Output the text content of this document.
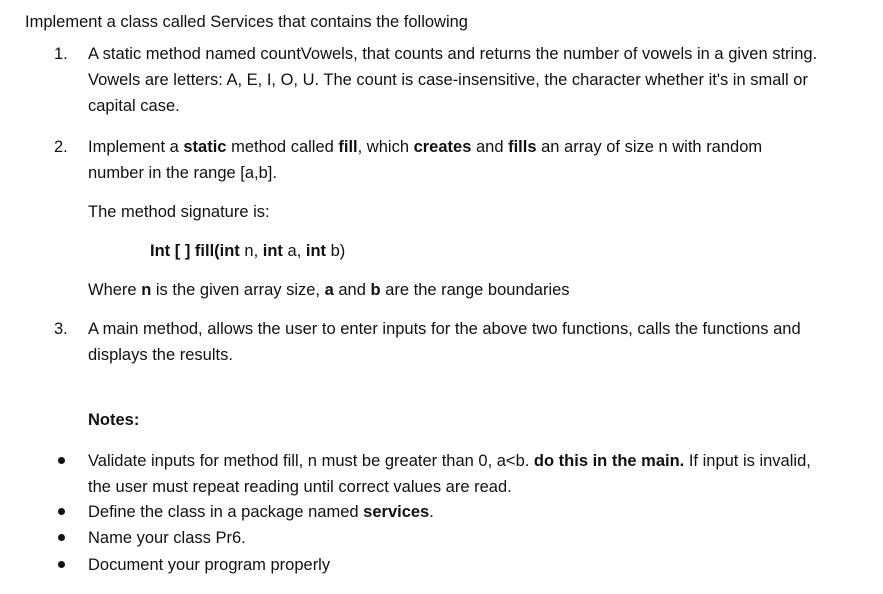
Implement a class called Services that contains the following
1. A static method named countVowels, that counts and returns the number of vowels in a given string. Vowels are letters: A, E, I, O, U. The count is case-insensitive, the character whether it's in small or capital case.
2. Implement a static method called fill, which creates and fills an array of size n with random number in the range [a,b].
The method signature is:
Int [ ] fill(int n, int a, int b)
Where n is the given array size, a and b are the range boundaries
3. A main method, allows the user to enter inputs for the above two functions, calls the functions and displays the results.
Notes:
Validate inputs for method fill, n must be greater than 0, a<b. do this in the main. If input is invalid, the user must repeat reading until correct values are read.
Define the class in a package named services.
Name your class Pr6.
Document your program properly
